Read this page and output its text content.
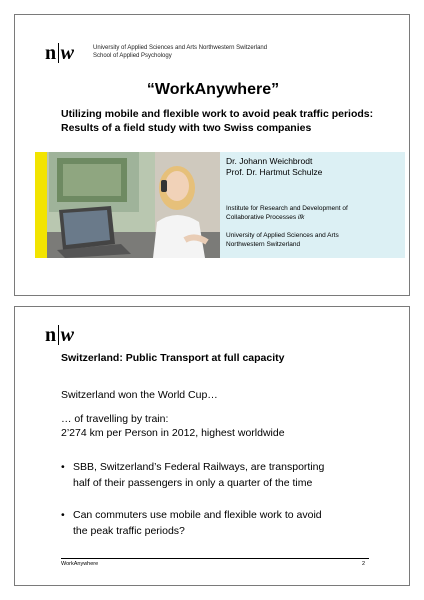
n w	University of Applied Sciences and Arts Northwestern Switzerland
School of Applied Psychology
“WorkAnywhere”
Utilizing mobile and flexible work to avoid peak traffic periods:
Results of a field study with two Swiss companies
Dr. Johann Weichbrodt
Prof. Dr. Hartmut Schulze
Institute for Research and Development of
Collaborative Processes ifk
University of Applied Sciences and Arts
Northwestern Switzerland
n w
Switzerland: Public Transport at full capacity
Switzerland won the World Cup…
… of travelling by train:
2’274 km per Person in 2012, highest worldwide
• SBB, Switzerland’s Federal Railways, are transporting
half of their passengers in only a quarter of the time
• Can commuters use mobile and flexible work to avoid
the peak traffic periods?
WorkAnywhere	2
